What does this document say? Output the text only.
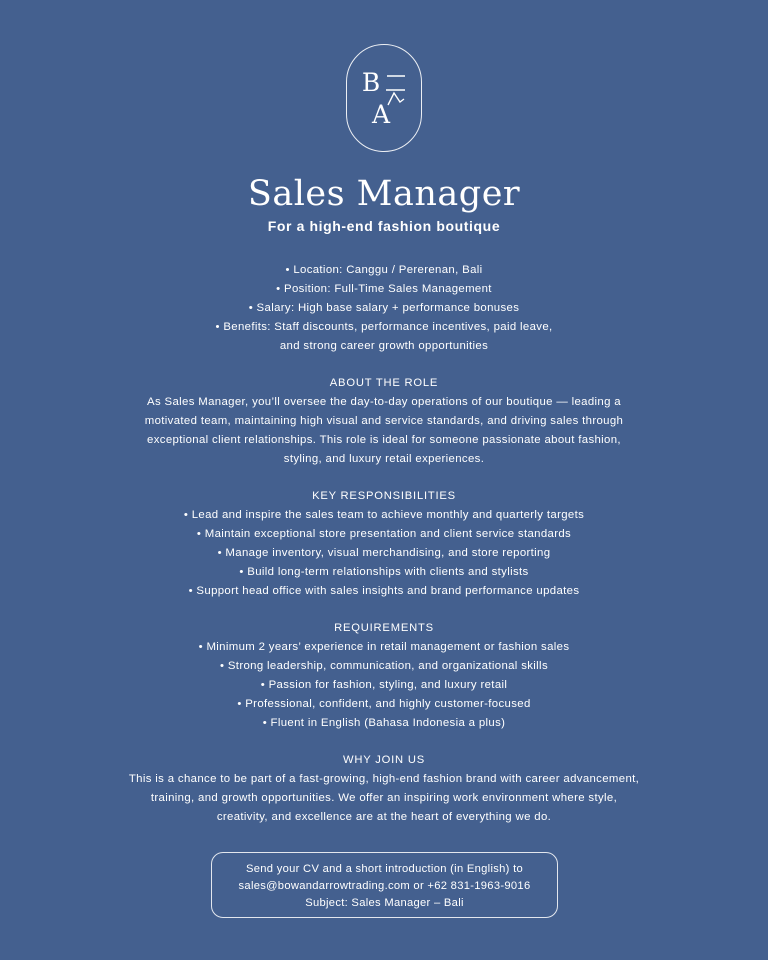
B
A
Sales Manager
For a high-end fashion boutique
• Location: Canggu / Pererenan, Bali
• Position: Full-Time Sales Management
• Salary: High base salary + performance bonuses
• Benefits: Staff discounts, performance incentives, paid leave,
and strong career growth opportunities
ABOUT THE ROLE
As Sales Manager, you’ll oversee the day-to-day operations of our boutique — leading a
motivated team, maintaining high visual and service standards, and driving sales through
exceptional client relationships. This role is ideal for someone passionate about fashion,
styling, and luxury retail experiences.
KEY RESPONSIBILITIES
• Lead and inspire the sales team to achieve monthly and quarterly targets
• Maintain exceptional store presentation and client service standards
• Manage inventory, visual merchandising, and store reporting
• Build long-term relationships with clients and stylists
• Support head office with sales insights and brand performance updates
REQUIREMENTS
• Minimum 2 years’ experience in retail management or fashion sales
• Strong leadership, communication, and organizational skills
• Passion for fashion, styling, and luxury retail
• Professional, confident, and highly customer-focused
• Fluent in English (Bahasa Indonesia a plus)
WHY JOIN US
This is a chance to be part of a fast-growing, high-end fashion brand with career advancement,
training, and growth opportunities. We offer an inspiring work environment where style,
creativity, and excellence are at the heart of everything we do.
Send your CV and a short introduction (in English) to
sales@bowandarrowtrading.com or +62 831-1963-9016
Subject: Sales Manager – Bali
